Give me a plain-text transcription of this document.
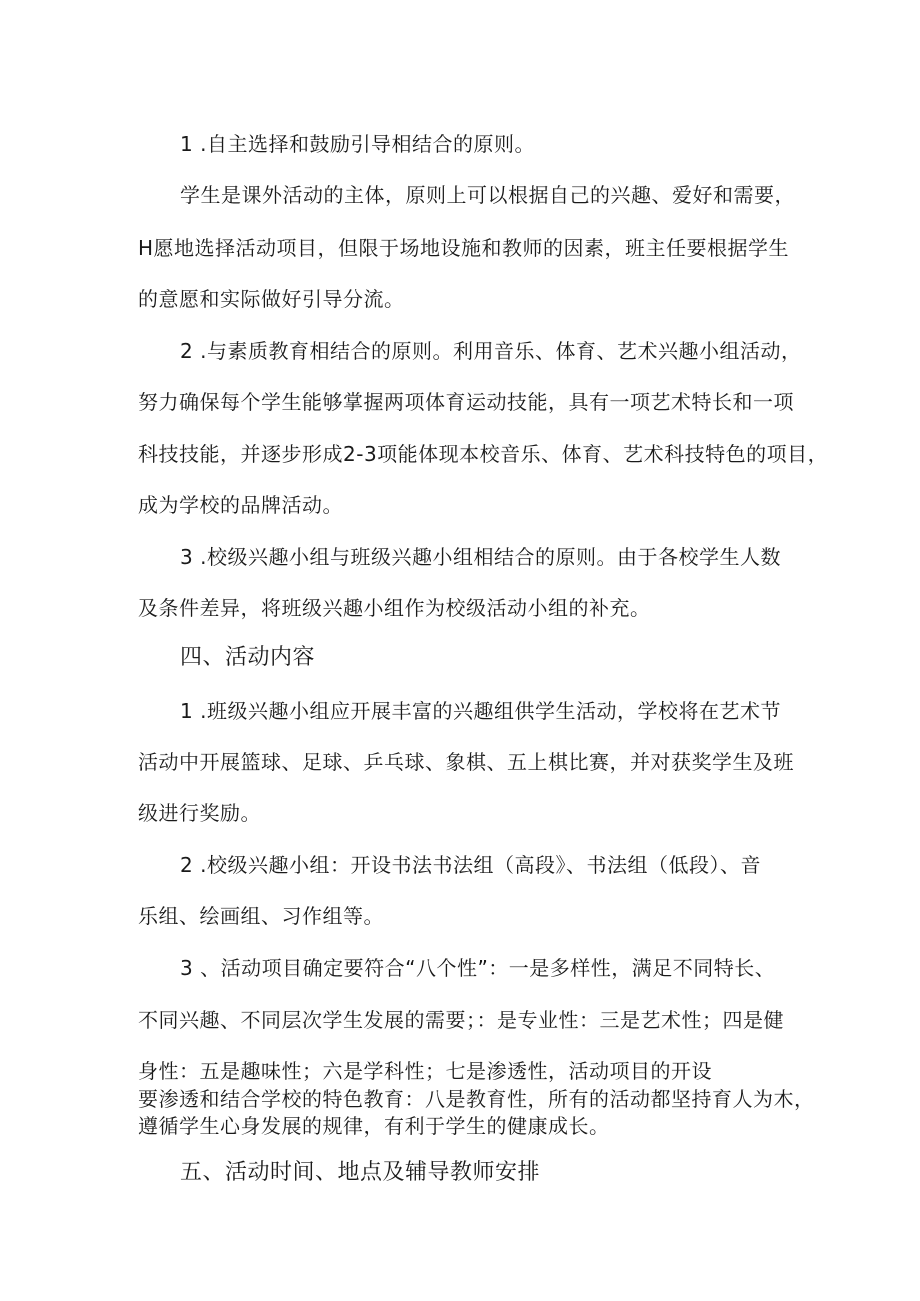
1 .自主选择和鼓励引导相结合的原则。
学生是课外活动的主体，原则上可以根据自己的兴趣、爱好和需要，
H愿地选择活动项目，但限于场地设施和教师的因素，班主任要根据学生
的意愿和实际做好引导分流。
2 .与素质教育相结合的原则。利用音乐、体育、艺术兴趣小组活动，
努力确保每个学生能够掌握两项体育运动技能，具有一项艺术特长和一项
科技技能，并逐步形成2-3项能体现本校音乐、体育、艺术科技特色的项目，
成为学校的品牌活动。
3 .校级兴趣小组与班级兴趣小组相结合的原则。由于各校学生人数
及条件差异，将班级兴趣小组作为校级活动小组的补充。
四、活动内容
1 .班级兴趣小组应开展丰富的兴趣组供学生活动，学校将在艺术节
活动中开展篮球、足球、乒乓球、象棋、五上棋比赛，并对获奖学生及班
级进行奖励。
2 .校级兴趣小组：开设书法书法组（高段》、书法组（低段）、音
乐组、绘画组、习作组等。
3 、活动项目确定要符合“八个性”：一是多样性，满足不同特长、
不同兴趣、不同层次学生发展的需要；：是专业性：三是艺术性；四是健
身性：五是趣味性；六是学科性；七是渗透性，活动项目的开设
要渗透和结合学校的特色教育：八是教育性，所有的活动都坚持育人为木，
遵循学生心身发展的规律，有利于学生的健康成长。
五、活动时间、地点及辅导教师安排
